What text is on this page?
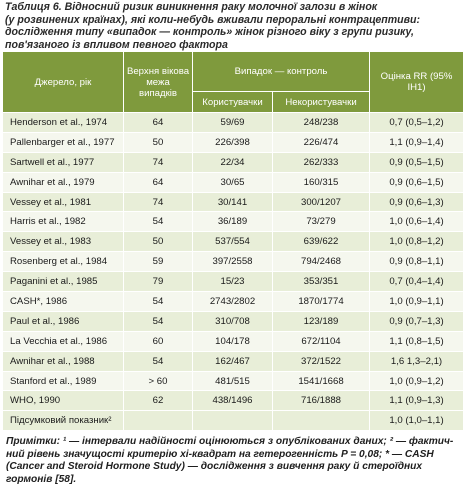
Таблиця 6. Відносний ризик виникнення раку молочної залози в жінок
(у розвинених країнах), які коли-небудь вживали пероральні контрацептиви:
дослідження типу «випадок — контроль» жінок різного віку з групи ризику,
пов'язаного із впливом певного фактора
Джерело, рік	Верхня вікова межа випадків	Випадок — контроль		Оцінка RR (95% ІН1)
		Користувачки	Некористувачки	
Henderson et al., 1974	64	59/69	248/238	0,7 (0,5–1,2)
Pallenbarger et al., 1977	50	226/398	226/474	1,1 (0,9–1,4)
Sartwell et al., 1977	74	22/34	262/333	0,9 (0,5–1,5)
Awnihar et al., 1979	64	30/65	160/315	0,9 (0,6–1,5)
Vessey et al., 1981	74	30/141	300/1207	0,9 (0,6–1,3)
Harris et al., 1982	54	36/189	73/279	1,0 (0,6–1,4)
Vessey et al., 1983	50	537/554	639/622	1,0 (0,8–1,2)
Rosenberg et al., 1984	59	397/2558	794/2468	0,9 (0,8–1,1)
Paganini et al., 1985	79	15/23	353/351	0,7 (0,4–1,4)
CASH*, 1986	54	2743/2802	1870/1774	1,0 (0,9–1,1)
Paul et al., 1986	54	310/708	123/189	0,9 (0,7–1,3)
La Vecchia et al., 1986	60	104/178	672/1104	1,1 (0,8–1,5)
Awnihar et al., 1988	54	162/467	372/1522	1,6 1,3–2,1)
Stanford et al., 1989	> 60	481/515	1541/1668	1,0 (0,9–1,2)
WHO, 1990	62	438/1496	716/1888	1,1 (0,9–1,3)
Підсумковий показник²				1,0 (1,0–1,1)
Примітки: ¹ — інтервали надійності оцінюються з опублікованих даних; ² — фактич-
ний рівень значущості критерію хі-квадрат на гетерогенність P = 0,08; * — CASH
(Cancer and Steroid Hormone Study) — дослідження з вивчення раку й стероїдних
гормонів [58].
